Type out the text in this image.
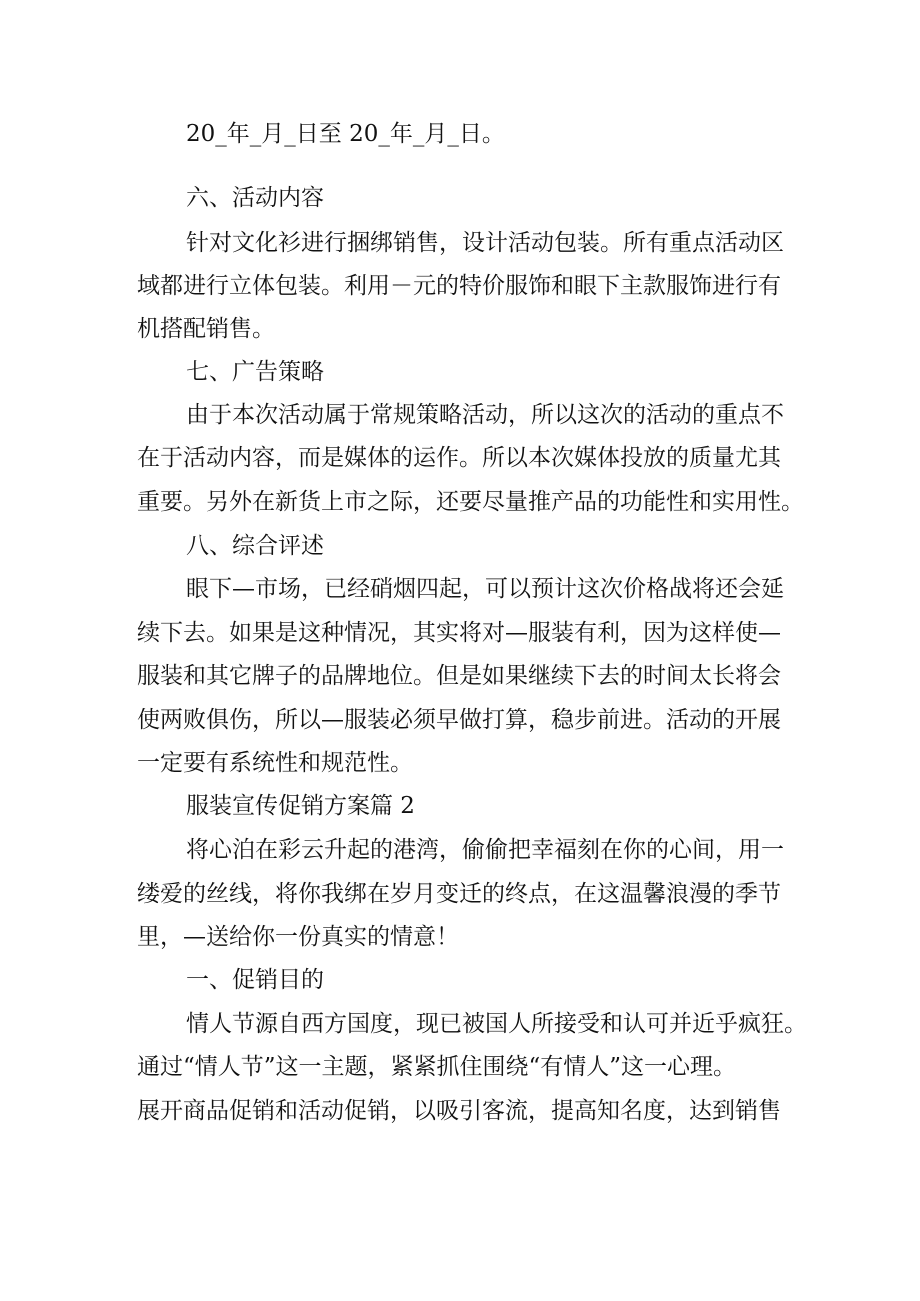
20_年_月_日至 20_年_月_日。
六、活动内容
针对文化衫进行捆绑销售，设计活动包装。所有重点活动区
域都进行立体包装。利用－元的特价服饰和眼下主款服饰进行有
机搭配销售。
七、广告策略
由于本次活动属于常规策略活动，所以这次的活动的重点不
在于活动内容，而是媒体的运作。所以本次媒体投放的质量尤其
重要。另外在新货上市之际，还要尽量推产品的功能性和实用性。
八、综合评述
眼下—市场，已经硝烟四起，可以预计这次价格战将还会延
续下去。如果是这种情况，其实将对—服装有利，因为这样使—
服装和其它牌子的品牌地位。但是如果继续下去的时间太长将会
使两败俱伤，所以—服装必须早做打算，稳步前进。活动的开展
一定要有系统性和规范性。
服装宣传促销方案篇 2
将心泊在彩云升起的港湾，偷偷把幸福刻在你的心间，用一
缕爱的丝线，将你我绑在岁月变迁的终点，在这温馨浪漫的季节
里，—送给你一份真实的情意！
一、促销目的
情人节源自西方国度，现已被国人所接受和认可并近乎疯狂。
通过“情人节”这一主题，紧紧抓住围绕“有情人”这一心理。
展开商品促销和活动促销，以吸引客流，提高知名度，达到销售
